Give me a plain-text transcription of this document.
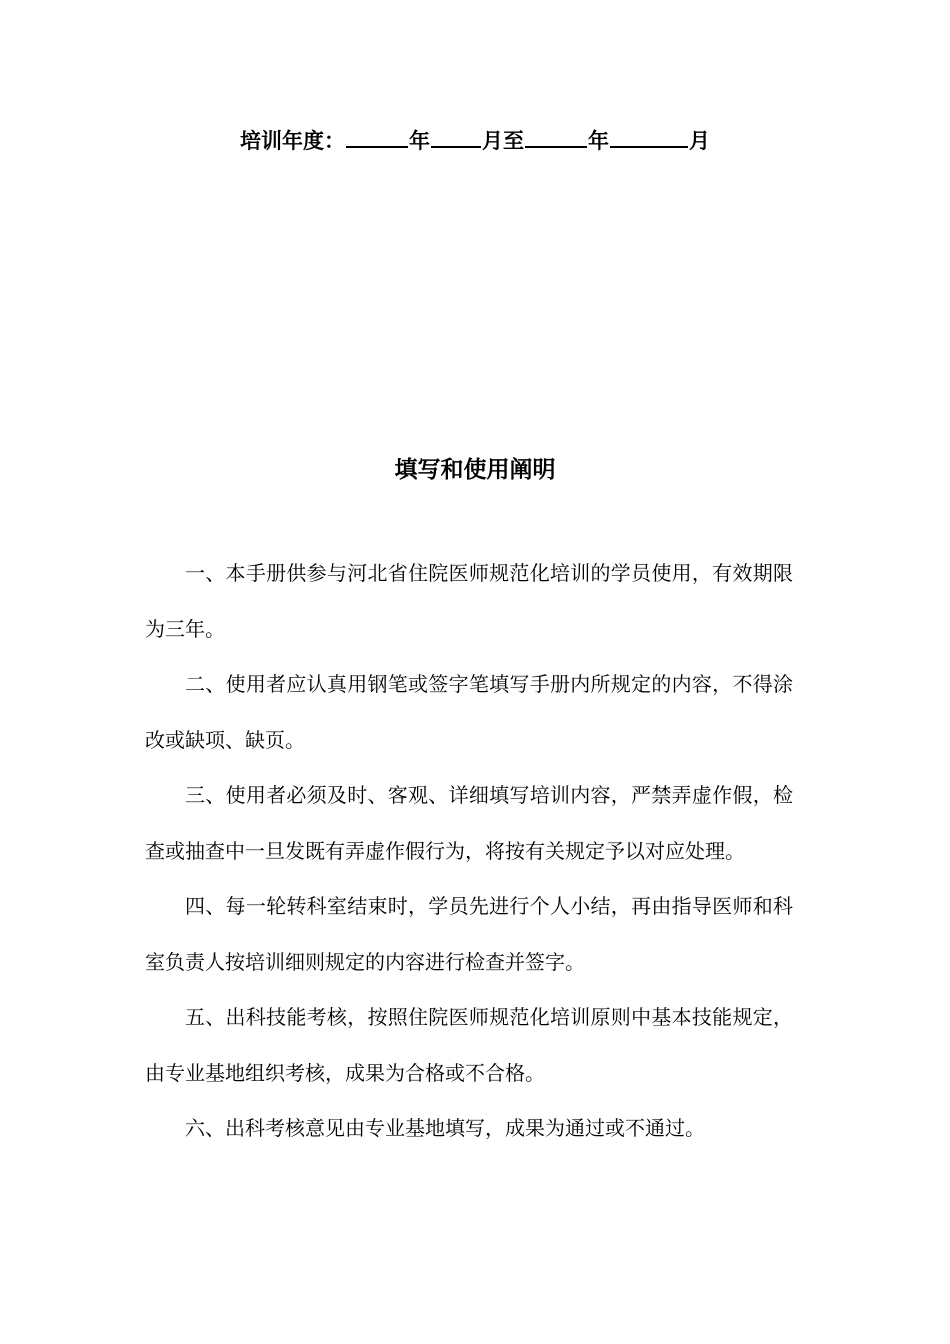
培训年度：	年 月至	年	月
填写和使用阐明

一、本手册供参与河北省住院医师规范化培训的学员使用，有效期限为三年。

二、使用者应认真用钢笔或签字笔填写手册内所规定的内容，不得涂改或缺项、缺页。

三、使用者必须及时、客观、详细填写培训内容，严禁弄虚作假，检查或抽查中一旦发既有弄虚作假行为，将按有关规定予以对应处理。

四、每一轮转科室结束时，学员先进行个人小结，再由指导医师和科室负责人按培训细则规定的内容进行检查并签字。

五、出科技能考核，按照住院医师规范化培训原则中基本技能规定，由专业基地组织考核，成果为合格或不合格。

六、出科考核意见由专业基地填写，成果为通过或不通过。
